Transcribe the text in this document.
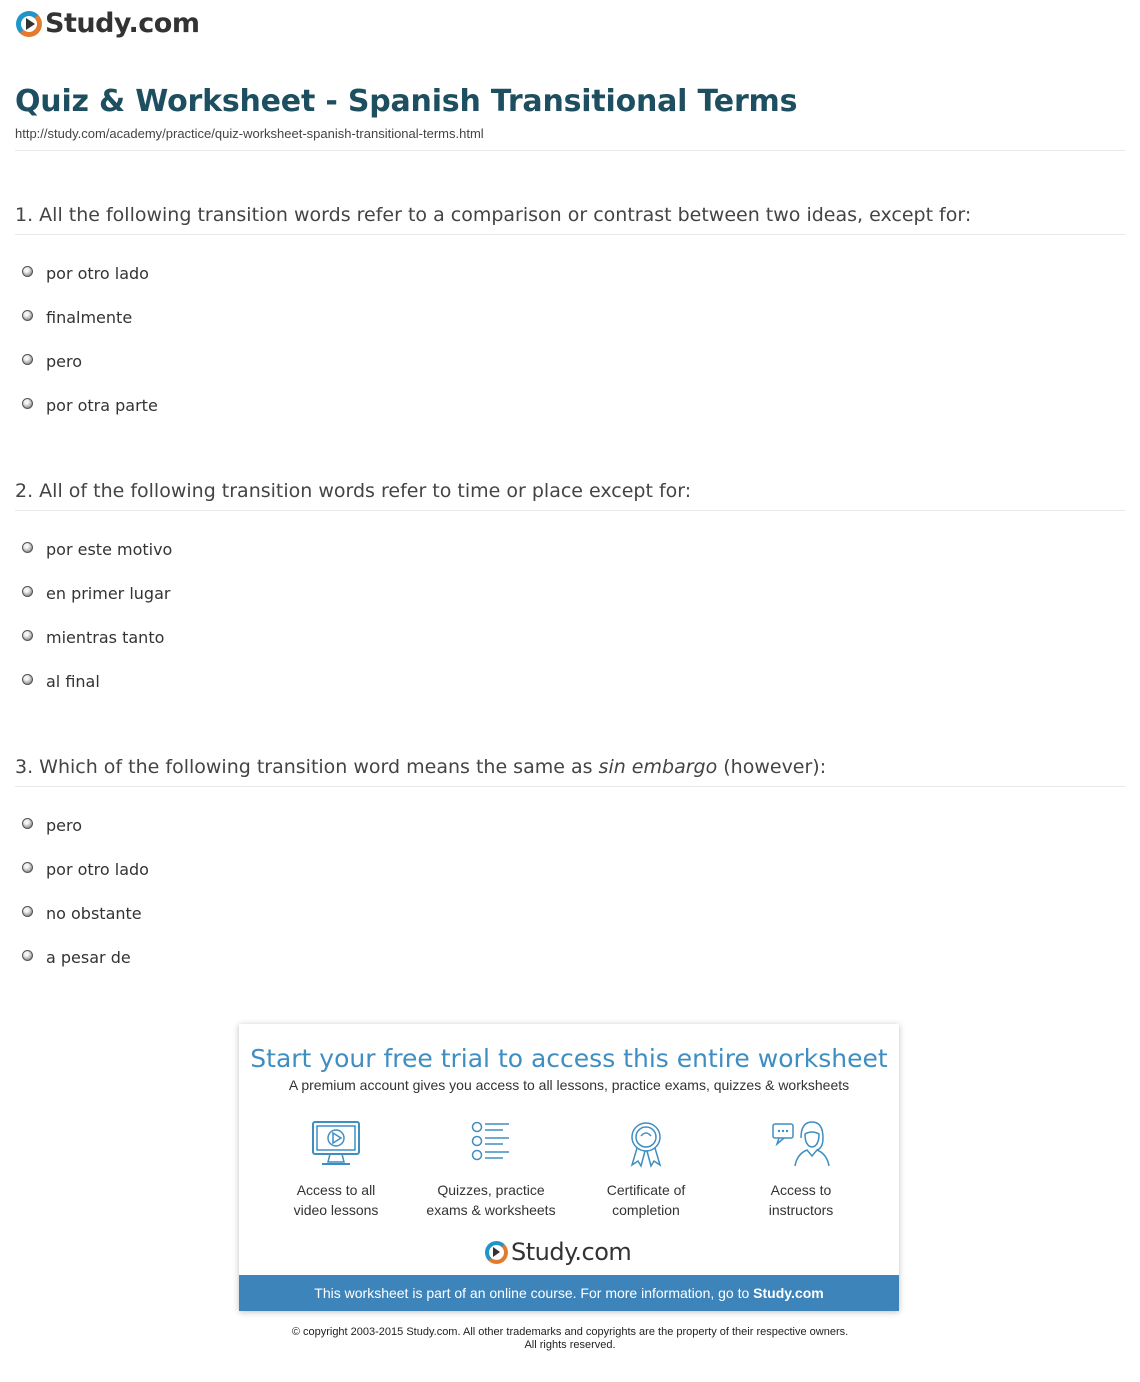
Study.com
Quiz & Worksheet - Spanish Transitional Terms
http://study.com/academy/practice/quiz-worksheet-spanish-transitional-terms.html
1. All the following transition words refer to a comparison or contrast between two ideas, except for:
por otro lado
finalmente
pero
por otra parte
2. All of the following transition words refer to time or place except for:
por este motivo
en primer lugar
mientras tanto
al final
3. Which of the following transition word means the same as sin embargo (however):
pero
por otro lado
no obstante
a pesar de
Start your free trial to access this entire worksheet
A premium account gives you access to all lessons, practice exams, quizzes & worksheets
Access to all
video lessons
Quizzes, practice
exams & worksheets
Certificate of
completion
Access to
instructors
Study.com
This worksheet is part of an online course. For more information, go to Study.com
© copyright 2003-2015 Study.com. All other trademarks and copyrights are the property of their respective owners.
All rights reserved.
